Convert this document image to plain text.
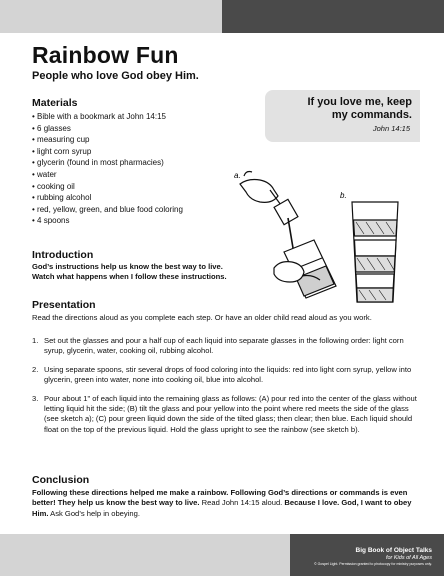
Rainbow Fun
People who love God obey Him.
Materials
• Bible with a bookmark at John 14:15
• 6 glasses
• measuring cup
• light corn syrup
• glycerin (found in most pharmacies)
• water
• cooking oil
• rubbing alcohol
• red, yellow, green, and blue food coloring
• 4 spoons
If you love me, keep
my commands.
John 14:15
a.
b.
Introduction

God’s instructions help us know the best way to live.
Watch what happens when I follow these instructions.

Presentation

Read the directions aloud as you complete each step. Or have an older child read aloud as you work.

1. Set out the glasses and pour a half cup of each liquid into separate glasses in the following order: light corn syrup, glycerin, water, cooking oil, rubbing alcohol.
2. Using separate spoons, stir several drops of food coloring into the liquids: red into light corn syrup, yellow into glycerin, green into water, none into cooking oil, blue into alcohol.
3. Pour about 1" of each liquid into the remaining glass as follows: (A) pour red into the center of the glass without letting liquid hit the side; (B) tilt the glass and pour yellow into the point where red meets the side of the glass (see sketch a); (C) pour green liquid down the side of the tilted glass; then clear; then blue. Each liquid should float on the top of the previous liquid. Hold the glass upright to see the rainbow (see sketch b).
Conclusion

Following these directions helped me make a rainbow. Following God’s directions or commands is even better! They help us know the best way to live. Read John 14:15 aloud. Because I love. God, I want to obey Him. Ask God’s help in obeying.

Big Book of Object Talks
for Kids of All Ages
© Gospel Light. Permission granted to photocopy for ministry purposes only.
